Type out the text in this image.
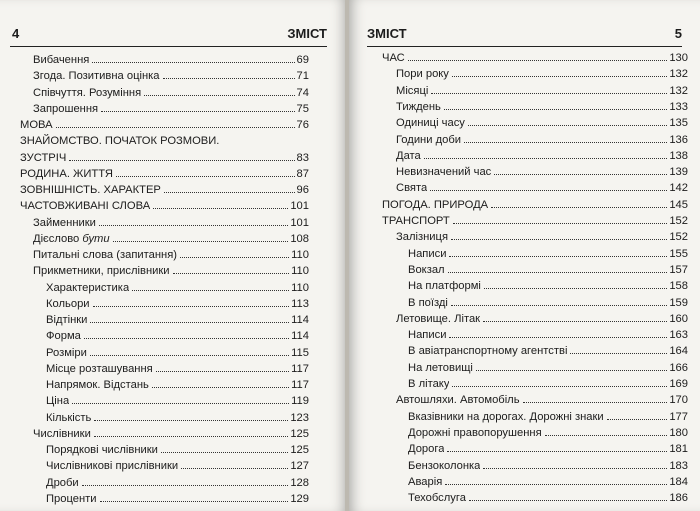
4	ЗМІСТ
Вибачення	69
Згода. Позитивна оцінка	71
Співчуття. Розуміння	74
Запрошення	75
МОВА	76
ЗНАЙОМСТВО. ПОЧАТОК РОЗМОВИ.
ЗУСТРІЧ	83
РОДИНА. ЖИТТЯ	87
ЗОВНІШНІСТЬ. ХАРАКТЕР	96
ЧАСТОВЖИВАНІ СЛОВА	101
Займенники	101
Дієслово бути	108
Питальні слова (запитання)	110
Прикметники, прислівники	110
Характеристика	110
Кольори	113
Відтінки	114
Форма	114
Розміри	115
Місце розташування	117
Напрямок. Відстань	117
Ціна	119
Кількість	123
Числівники	125
Порядкові числівники	125
Числівникові прислівники	127
Дроби	128
Проценти	129
ЗМІСТ	5
ЧАС	130
Пори року	132
Місяці	132
Тиждень	133
Одиниці часу	135
Години доби	136
Дата	138
Невизначений час	139
Свята	142
ПОГОДА. ПРИРОДА	145
ТРАНСПОРТ	152
Залізниця	152
Написи	155
Вокзал	157
На платформі	158
В поїзді	159
Летовище. Літак	160
Написи	163
В авіатранспортному агентстві	164
На летовищі	166
В літаку	169
Автошляхи. Автомобіль	170
Вказівники на дорогах. Дорожні знаки	177
Дорожні правопорушення	180
Дорога	181
Бензоколонка	183
Аварія	184
Техобслуга	186
